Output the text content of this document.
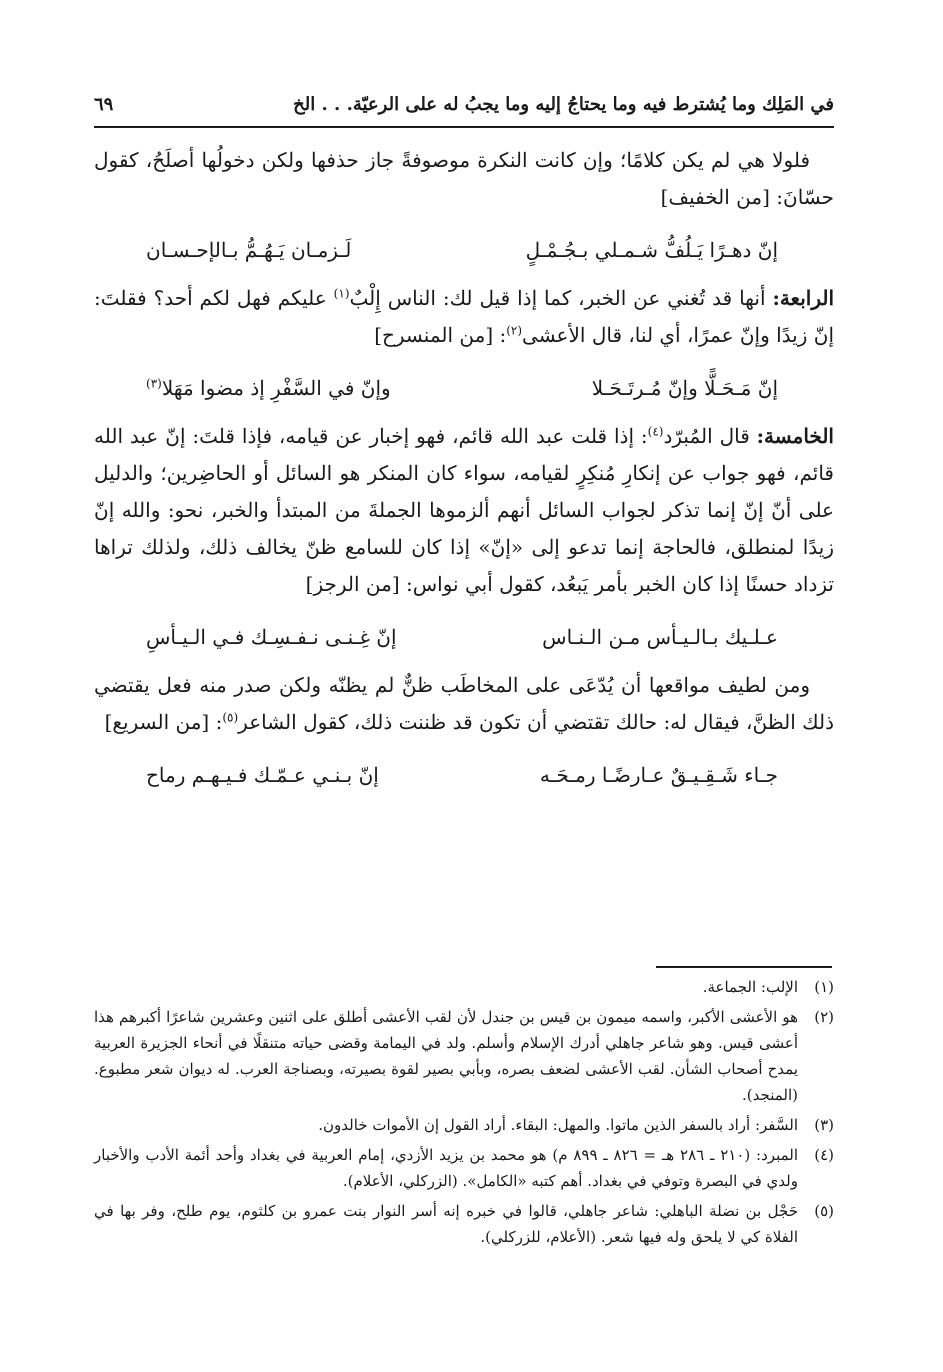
في المَلِك وما يُشترط فيه وما يحتاجُ إليه وما يجبُ له على الرعيّة. . . الخ
٦٩

فلولا هي لم يكن كلامًا؛ وإن كانت النكرة موصوفةً جاز حذفها ولكن دخولُها أصلَحُ، كقول حسّانَ: [من الخفيف]

إنّ دهـرًا يَـلُفُّ شـمـلي بـجُـمْـلٍ
لَـزمـان يَـهُـمُّ بـالإحـسـان

الرابعة: أنها قد تُغني عن الخبر، كما إذا قيل لك: الناس إِلْبٌ$^{(١)}$ عليكم فهل لكم أحد؟ فقلتَ: إنّ زيدًا وإنّ عمرًا، أي لنا، قال الأعشى$^{(٢)}$: [من المنسرح]

إنّ مَـحَـلًّا وإنّ مُـرتَـحَـلا
وإنّ في السَّفْرِ إذ مضوا مَهَلا$^{(٣)}$

الخامسة: قال المُبرّد$^{(٤)}$: إذا قلت عبد الله قائم، فهو إخبار عن قيامه، فإذا قلتَ: إنّ عبد الله قائم، فهو جواب عن إنكارِ مُنكِرٍ لقيامه، سواء كان المنكر هو السائل أو الحاضِرين؛ والدليل على أنّ إنّ إنما تذكر لجواب السائل أنهم ألزموها الجملةَ من المبتدأ والخبر، نحو: والله إنّ زيدًا لمنطلق، فالحاجة إنما تدعو إلى «إنّ» إذا كان للسامع ظنّ يخالف ذلك، ولذلك تراها تزداد حسنًا إذا كان الخبر بأمر يَبعُد، كقول أبي نواس: [من الرجز]

عـلـيك بـالـيـأس مـن الـنـاس
إنّ غِـنـى نـفـسِـك فـي الـيـأسِ

ومن لطيف مواقعها أن يُدّعَى على المخاطَب ظنٌّ لم يظنّه ولكن صدر منه فعل يقتضي ذلك الظنَّ، فيقال له: حالك تقتضي أن تكون قد ظننت ذلك، كقول الشاعر$^{(٥)}$: [من السريع]

جـاء شَـقِـيـقٌ عـارضًـا رمـحَـه
إنّ بـنـي عـمّـك فـيـهـم رماح
(١)
الإلب: الجماعة.
(٢)
هو الأعشى الأكبر، واسمه ميمون بن قيس بن جندل لأن لقب الأعشى أطلق على اثنين وعشرين شاعرًا أكبرهم هذا أعشى قيس. وهو شاعر جاهلي أدرك الإسلام وأسلم. ولد في اليمامة وقضى حياته متنقلًا في أنحاء الجزيرة العربية يمدح أصحاب الشأن. لقب الأعشى لضعف بصره، وبأبي بصير لقوة بصيرته، وبصناجة العرب. له ديوان شعر مطبوع. (المنجد).
(٣)
السَّفر: أراد بالسفر الذين ماتوا. والمهل: البقاء. أراد القول إن الأموات خالدون.
(٤)
المبرد: (٢١٠ ـ ٢٨٦ هـ = ٨٢٦ ـ ٨٩٩ م) هو محمد بن يزيد الأزدي، إمام العربية في بغداد وأحد أئمة الأدب والأخبار ولدي في البصرة وتوفي في بغداد. أهم كتبه «الكامل». (الزركلي، الأعلام).
(٥)
حَجْل بن نضلة الباهلي: شاعر جاهلي، قالوا في خبره إنه أسر النوار بنت عمرو بن كلثوم، يوم طلح، وفر بها في الفلاة كي لا يلحق وله فيها شعر. (الأعلام، للزركلي).
